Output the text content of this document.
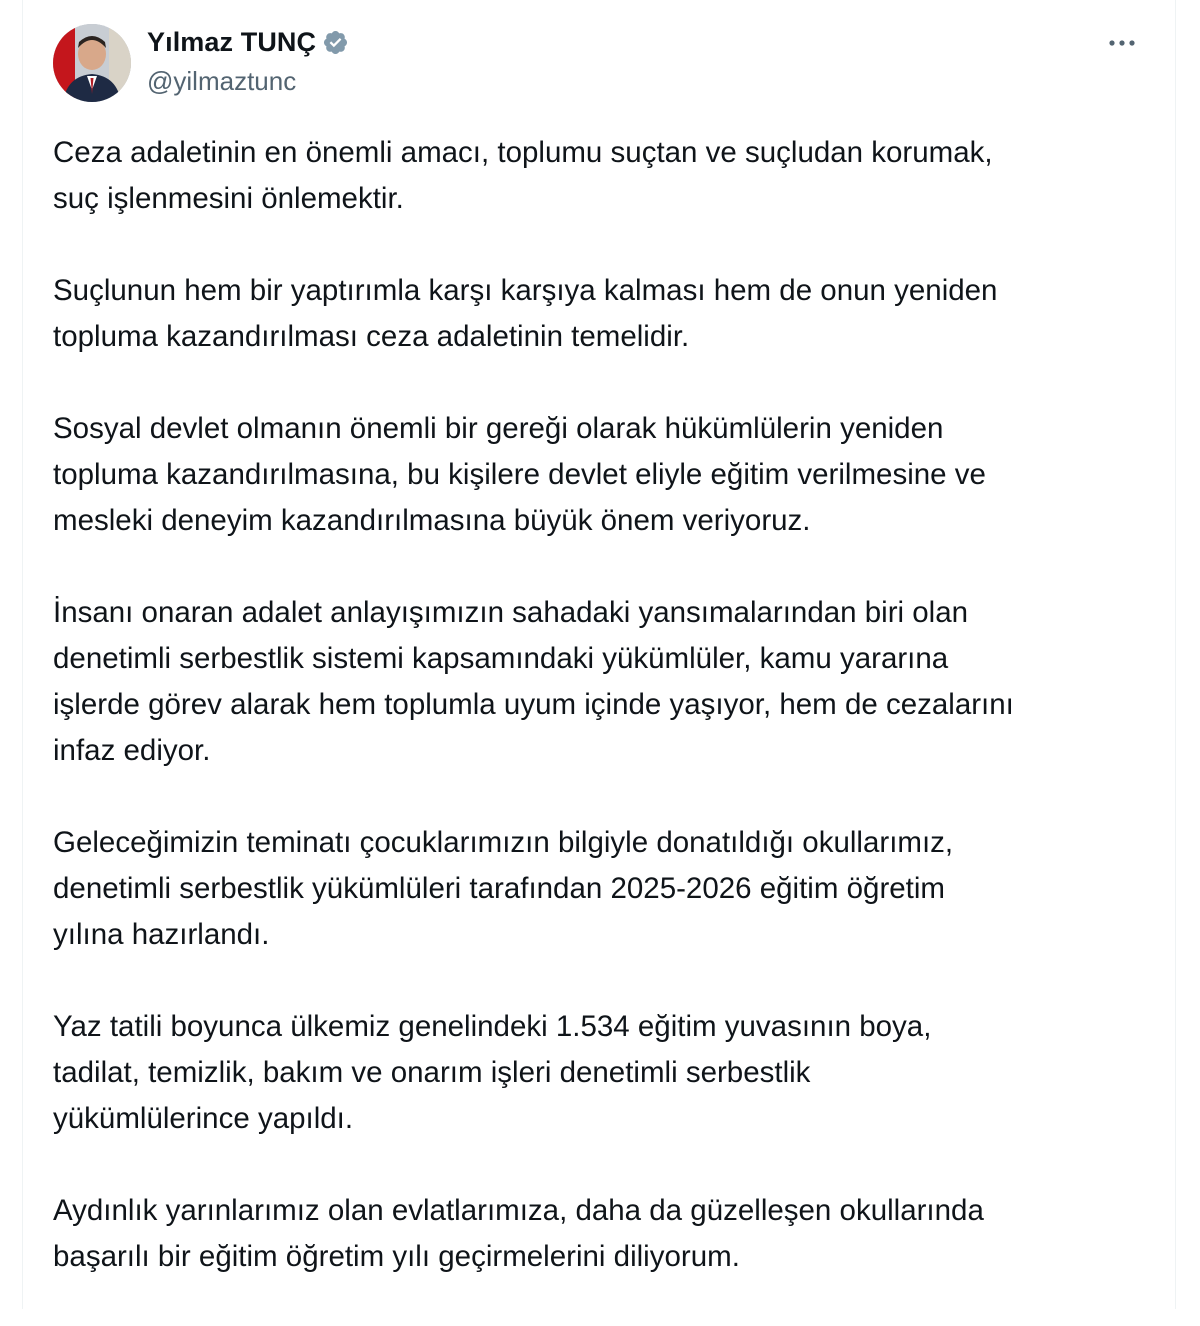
Yılmaz TUNÇ
@yilmaztunc

Ceza adaletinin en önemli amacı, toplumu suçtan ve suçludan korumak,
suç işlenmesini önlemektir.

Suçlunun hem bir yaptırımla karşı karşıya kalması hem de onun yeniden
topluma kazandırılması ceza adaletinin temelidir.

Sosyal devlet olmanın önemli bir gereği olarak hükümlülerin yeniden
topluma kazandırılmasına, bu kişilere devlet eliyle eğitim verilmesine ve
mesleki deneyim kazandırılmasına büyük önem veriyoruz.

İnsanı onaran adalet anlayışımızın sahadaki yansımalarından biri olan
denetimli serbestlik sistemi kapsamındaki yükümlüler, kamu yararına
işlerde görev alarak hem toplumla uyum içinde yaşıyor, hem de cezalarını
infaz ediyor.

Geleceğimizin teminatı çocuklarımızın bilgiyle donatıldığı okullarımız,
denetimli serbestlik yükümlüleri tarafından 2025-2026 eğitim öğretim
yılına hazırlandı.

Yaz tatili boyunca ülkemiz genelindeki 1.534 eğitim yuvasının boya,
tadilat, temizlik, bakım ve onarım işleri denetimli serbestlik
yükümlülerince yapıldı.

Aydınlık yarınlarımız olan evlatlarımıza, daha da güzelleşen okullarında
başarılı bir eğitim öğretim yılı geçirmelerini diliyorum.
